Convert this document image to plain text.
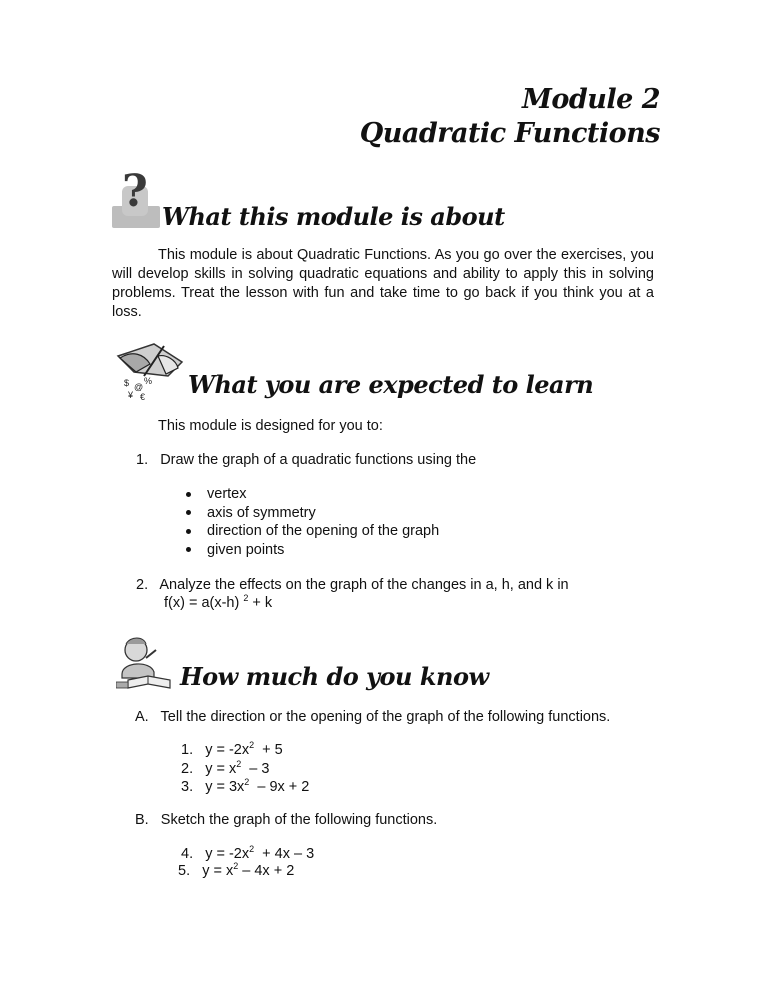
Module 2
Quadratic Functions
? What this module is about
This module is about Quadratic Functions. As you go over the exercises, you will develop skills in solving quadratic equations and ability to apply this in solving problems. Treat the lesson with fun and take time to go back if you think you at a loss.
$ @
%
¥ € What you are expected to learn
This module is designed for you to:
1. Draw the graph of a quadratic functions using the
vertex
axis of symmetry
direction of the opening of the graph
given points
2. Analyze the effects on the graph of the changes in a, h, and k in
f(x) = a(x-h) $^2$ + k
How much do you know
A. Tell the direction or the opening of the graph of the following functions.
1. $y = -2x^2 + 5$
2. $y = x^2 - 3$
3. $y = 3x^2 - 9x + 2$
B. Sketch the graph of the following functions.
4. $y = -2x^2 + 4x - 3$
5. $y = x^2 - 4x + 2$
